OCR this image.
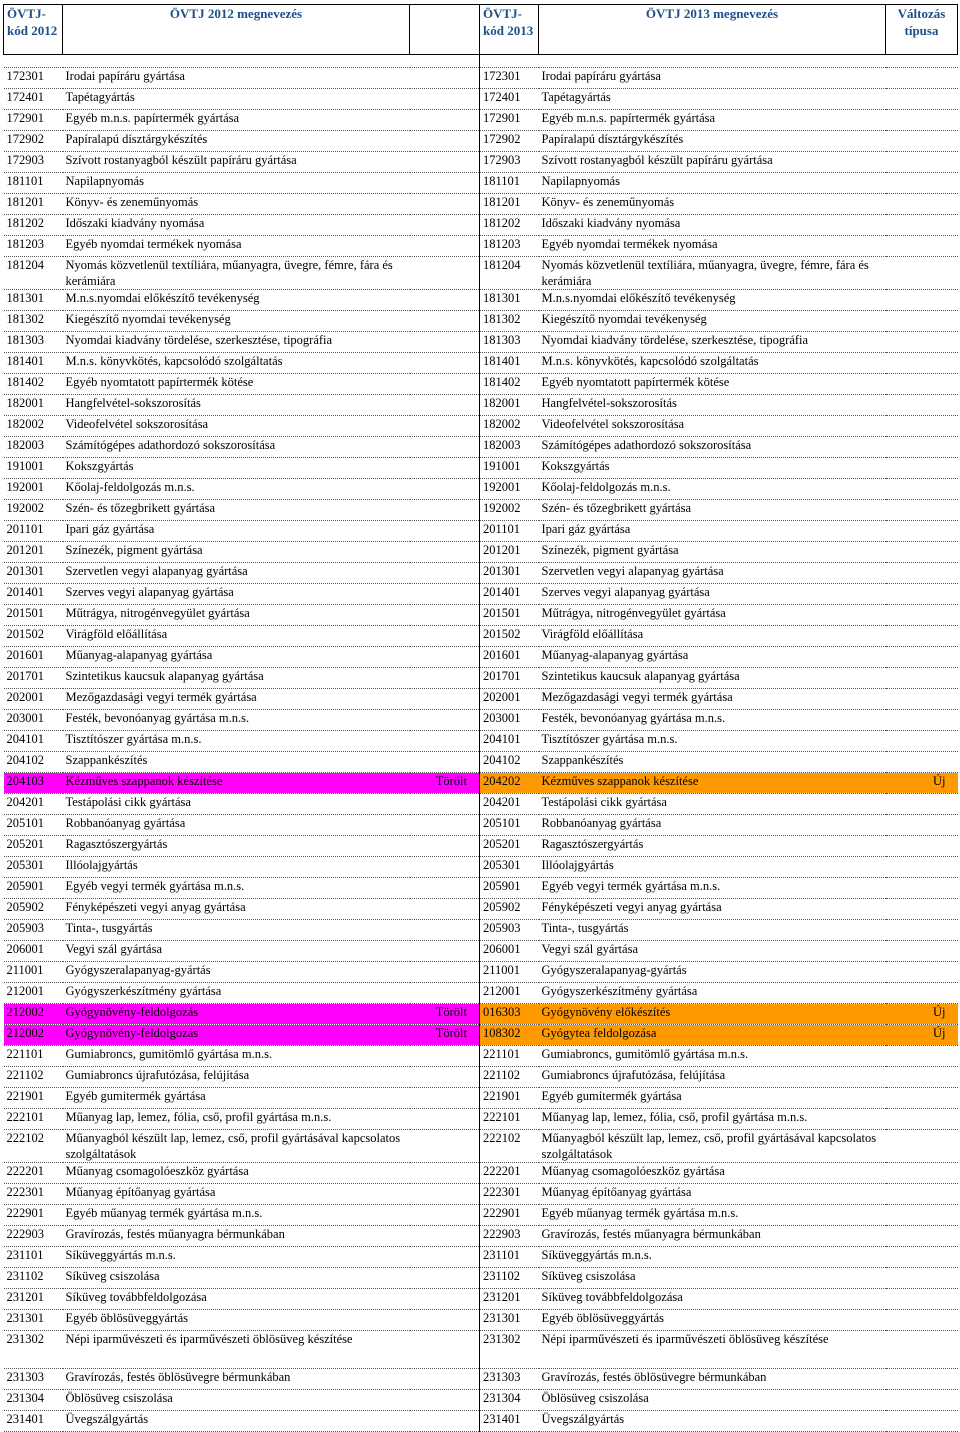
ÖVTJ-kód 2012	ÖVTJ 2012 megnevezés		ÖVTJ-kód 2013	ÖVTJ 2013 megnevezés	Változás típusa

172301	Irodai papíráru gyártása		172301	Irodai papíráru gyártása	
172401	Tapétagyártás		172401	Tapétagyártás	
172901	Egyéb m.n.s. papírtermék gyártása		172901	Egyéb m.n.s. papírtermék gyártása	
172902	Papíralapú dísztárgykészítés		172902	Papíralapú dísztárgykészítés	
172903	Szívott rostanyagból készült papíráru gyártása		172903	Szívott rostanyagból készült papíráru gyártása	
181101	Napilapnyomás		181101	Napilapnyomás	
181201	Könyv- és zeneműnyomás		181201	Könyv- és zeneműnyomás	
181202	Időszaki kiadvány nyomása		181202	Időszaki kiadvány nyomása	
181203	Egyéb nyomdai termékek nyomása		181203	Egyéb nyomdai termékek nyomása	
181204	Nyomás közvetlenül textíliára, műanyagra, üvegre, fémre, fára és kerámiára		181204	Nyomás közvetlenül textíliára, műanyagra, üvegre, fémre, fára és kerámiára	
181301	M.n.s.nyomdai előkészítő tevékenység		181301	M.n.s.nyomdai előkészítő tevékenység	
181302	Kiegészítő nyomdai tevékenység		181302	Kiegészítő nyomdai tevékenység	
181303	Nyomdai kiadvány tördelése, szerkesztése, tipográfia		181303	Nyomdai kiadvány tördelése, szerkesztése, tipográfia	
181401	M.n.s. könyvkötés, kapcsolódó szolgáltatás		181401	M.n.s. könyvkötés, kapcsolódó szolgáltatás	
181402	Egyéb nyomtatott papírtermék kötése		181402	Egyéb nyomtatott papírtermék kötése	
182001	Hangfelvétel-sokszorosítás		182001	Hangfelvétel-sokszorosítás	
182002	Videofelvétel sokszorosítása		182002	Videofelvétel sokszorosítása	
182003	Számítógépes adathordozó sokszorosítása		182003	Számítógépes adathordozó sokszorosítása	
191001	Kokszgyártás		191001	Kokszgyártás	
192001	Kőolaj-feldolgozás m.n.s.		192001	Kőolaj-feldolgozás m.n.s.	
192002	Szén- és tőzegbrikett gyártása		192002	Szén- és tőzegbrikett gyártása	
201101	Ipari gáz gyártása		201101	Ipari gáz gyártása	
201201	Színezék, pigment gyártása		201201	Színezék, pigment gyártása	
201301	Szervetlen vegyi alapanyag gyártása		201301	Szervetlen vegyi alapanyag gyártása	
201401	Szerves vegyi alapanyag gyártása		201401	Szerves vegyi alapanyag gyártása	
201501	Műtrágya, nitrogénvegyület gyártása		201501	Műtrágya, nitrogénvegyület gyártása	
201502	Virágföld előállítása		201502	Virágföld előállítása	
201601	Műanyag-alapanyag gyártása		201601	Műanyag-alapanyag gyártása	
201701	Szintetikus kaucsuk alapanyag gyártása		201701	Szintetikus kaucsuk alapanyag gyártása	
202001	Mezőgazdasági vegyi termék gyártása		202001	Mezőgazdasági vegyi termék gyártása	
203001	Festék, bevonóanyag gyártása m.n.s.		203001	Festék, bevonóanyag gyártása m.n.s.	
204101	Tisztítószer gyártása m.n.s.		204101	Tisztítószer gyártása m.n.s.	
204102	Szappankészítés		204102	Szappankészítés	
204103	Kézműves szappanok készítése	Törölt	204202	Kézműves szappanok készítése	Új
204201	Testápolási cikk gyártása		204201	Testápolási cikk gyártása	
205101	Robbanóanyag gyártása		205101	Robbanóanyag gyártása	
205201	Ragasztószergyártás		205201	Ragasztószergyártás	
205301	Illóolajgyártás		205301	Illóolajgyártás	
205901	Egyéb vegyi termék gyártása m.n.s.		205901	Egyéb vegyi termék gyártása m.n.s.	
205902	Fényképészeti vegyi anyag gyártása		205902	Fényképészeti vegyi anyag gyártása	
205903	Tinta-, tusgyártás		205903	Tinta-, tusgyártás	
206001	Vegyi szál gyártása		206001	Vegyi szál gyártása	
211001	Gyógyszeralapanyag-gyártás		211001	Gyógyszeralapanyag-gyártás	
212001	Gyógyszerkészítmény gyártása		212001	Gyógyszerkészítmény gyártása	
212002	Gyógynövény-feldolgozás	Törölt	016303	Gyógynövény előkészítés	Új
212002	Gyógynövény-feldolgozás	Törölt	108302	Gyógytea feldolgozása	Új
221101	Gumiabroncs, gumitömlő gyártása m.n.s.		221101	Gumiabroncs, gumitömlő gyártása m.n.s.	
221102	Gumiabroncs újrafutózása, felújítása		221102	Gumiabroncs újrafutózása, felújítása	
221901	Egyéb gumitermék gyártása		221901	Egyéb gumitermék gyártása	
222101	Műanyag lap, lemez, fólia, cső, profil gyártása m.n.s.		222101	Műanyag lap, lemez, fólia, cső, profil gyártása m.n.s.	
222102	Műanyagból készült lap, lemez, cső, profil gyártásával kapcsolatos szolgáltatások		222102	Műanyagból készült lap, lemez, cső, profil gyártásával kapcsolatos szolgáltatások	
222201	Műanyag csomagolóeszköz gyártása		222201	Műanyag csomagolóeszköz gyártása	
222301	Műanyag építőanyag gyártása		222301	Műanyag építőanyag gyártása	
222901	Egyéb műanyag termék gyártása m.n.s.		222901	Egyéb műanyag termék gyártása m.n.s.	
222903	Gravírozás, festés műanyagra bérmunkában		222903	Gravírozás, festés műanyagra bérmunkában	
231101	Síküveggyártás m.n.s.		231101	Síküveggyártás m.n.s.	
231102	Síküveg csiszolása		231102	Síküveg csiszolása	
231201	Síküveg továbbfeldolgozása		231201	Síküveg továbbfeldolgozása	
231301	Egyéb öblösüveggyártás		231301	Egyéb öblösüveggyártás	
231302	Népi iparművészeti és iparművészeti öblösüveg készítése		231302	Népi iparművészeti és iparművészeti öblösüveg készítése	
231303	Gravírozás, festés öblösüvegre bérmunkában		231303	Gravírozás, festés öblösüvegre bérmunkában	
231304	Öblösüveg csiszolása		231304	Öblösüveg csiszolása	
231401	Üvegszálgyártás		231401	Üvegszálgyártás	
